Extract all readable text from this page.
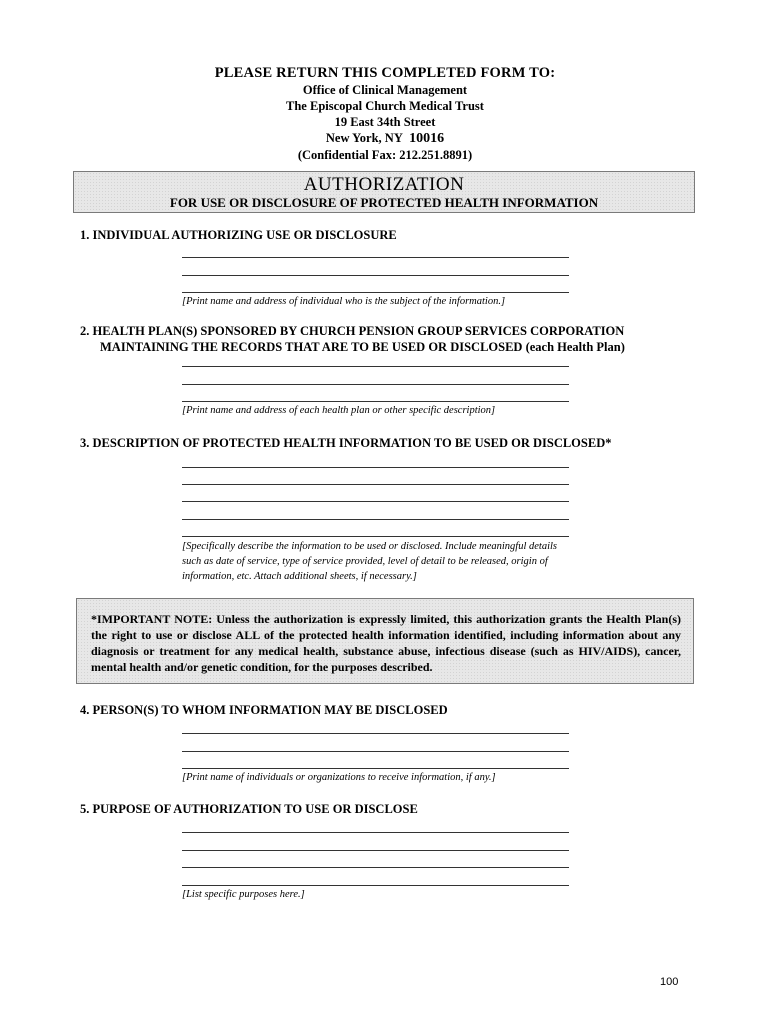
PLEASE RETURN THIS COMPLETED FORM TO:
Office of Clinical Management
The Episcopal Church Medical Trust
19 East 34th Street
New York, NY 10016
(Confidential Fax: 212.251.8891)
AUTHORIZATION
FOR USE OR DISCLOSURE OF PROTECTED HEALTH INFORMATION
1. INDIVIDUAL AUTHORIZING USE OR DISCLOSURE
[Print name and address of individual who is the subject of the information.]
2. HEALTH PLAN(S) SPONSORED BY CHURCH PENSION GROUP SERVICES CORPORATION
MAINTAINING THE RECORDS THAT ARE TO BE USED OR DISCLOSED (each Health Plan)
[Print name and address of each health plan or other specific description]
3. DESCRIPTION OF PROTECTED HEALTH INFORMATION TO BE USED OR DISCLOSED*
[Specifically describe the information to be used or disclosed. Include meaningful details
such as date of service, type of service provided, level of detail to be released, origin of
information, etc. Attach additional sheets, if necessary.]
*IMPORTANT NOTE: Unless the authorization is expressly limited, this authorization grants the Health Plan(s) the right to use or disclose ALL of the protected health information identified, including information about any diagnosis or treatment for any medical health, substance abuse, infectious disease (such as HIV/AIDS), cancer, mental health and/or genetic condition, for the purposes described.
4. PERSON(S) TO WHOM INFORMATION MAY BE DISCLOSED
[Print name of individuals or organizations to receive information, if any.]
5. PURPOSE OF AUTHORIZATION TO USE OR DISCLOSE
[List specific purposes here.]
100
